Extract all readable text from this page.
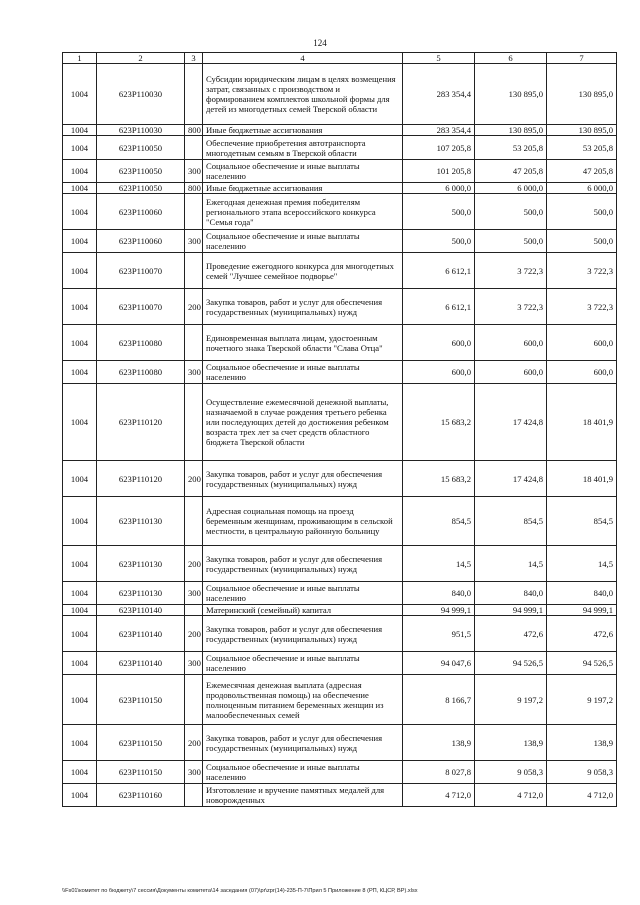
124
1	2	3	4	5	6	7
1004	623P110030		Субсидии юридическим лицам в целях возмещения затрат, связанных с производством и формированием комплектов школьной формы для детей из многодетных семей Тверской области	283 354,4	130 895,0	130 895,0
1004	623P110030	800	Иные бюджетные ассигнования	283 354,4	130 895,0	130 895,0
1004	623P110050		Обеспечение приобретения автотранспорта многодетным семьям в Тверской области	107 205,8	53 205,8	53 205,8
1004	623P110050	300	Социальное обеспечение и иные выплаты населению	101 205,8	47 205,8	47 205,8
1004	623P110050	800	Иные бюджетные ассигнования	6 000,0	6 000,0	6 000,0
1004	623P110060		Ежегодная денежная премия победителям регионального этапа всероссийского конкурса "Семья года"	500,0	500,0	500,0
1004	623P110060	300	Социальное обеспечение и иные выплаты населению	500,0	500,0	500,0
1004	623P110070		Проведение ежегодного конкурса для многодетных семей "Лучшее семейное подворье"	6 612,1	3 722,3	3 722,3
1004	623P110070	200	Закупка товаров, работ и услуг для обеспечения государственных (муниципальных) нужд	6 612,1	3 722,3	3 722,3
1004	623P110080		Единовременная выплата лицам, удостоенным почетного знака Тверской области "Слава Отца"	600,0	600,0	600,0
1004	623P110080	300	Социальное обеспечение и иные выплаты населению	600,0	600,0	600,0
1004	623P110120		Осуществление ежемесячной денежной выплаты, назначаемой в случае рождения третьего ребенка или последующих детей до достижения ребенком возраста трех лет за счет средств областного бюджета Тверской области	15 683,2	17 424,8	18 401,9
1004	623P110120	200	Закупка товаров, работ и услуг для обеспечения государственных (муниципальных) нужд	15 683,2	17 424,8	18 401,9
1004	623P110130		Адресная социальная помощь на проезд беременным женщинам, проживающим в сельской местности, в центральную районную больницу	854,5	854,5	854,5
1004	623P110130	200	Закупка товаров, работ и услуг для обеспечения государственных (муниципальных) нужд	14,5	14,5	14,5
1004	623P110130	300	Социальное обеспечение и иные выплаты населению	840,0	840,0	840,0
1004	623P110140		Материнский (семейный) капитал	94 999,1	94 999,1	94 999,1
1004	623P110140	200	Закупка товаров, работ и услуг для обеспечения государственных (муниципальных) нужд	951,5	472,6	472,6
1004	623P110140	300	Социальное обеспечение и иные выплаты населению	94 047,6	94 526,5	94 526,5
1004	623P110150		Ежемесячная денежная выплата (адресная продовольственная помощь) на обеспечение полноценным питанием беременных женщин из малообеспеченных семей	8 166,7	9 197,2	9 197,2
1004	623P110150	200	Закупка товаров, работ и услуг для обеспечения государственных (муниципальных) нужд	138,9	138,9	138,9
1004	623P110150	300	Социальное обеспечение и иные выплаты населению	8 027,8	9 058,3	9 058,3
1004	623P110160		Изготовление и вручение памятных медалей для новорожденных	4 712,0	4 712,0	4 712,0
\\Fs01\комитет по бюджету\7 сессия\Документы комитета\14 заседания (07)\pr\zpr(14)-235-П-7\Прил 5 Приложение 8 (РП, КЦСР, ВР).xlsx
